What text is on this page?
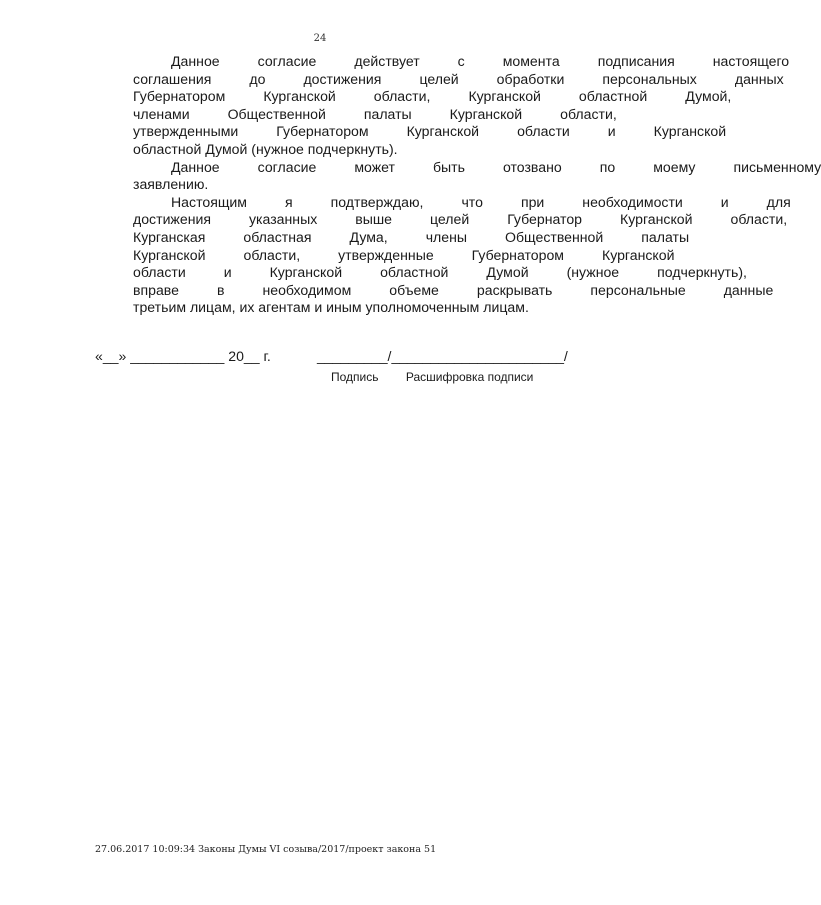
24
Данное	согласие	действует	с	момента	подписания	настоящего
соглашения	до	достижения	целей	обработки	персональных	данных
Губернатором	Курганской	области,	Курганской	областной	Думой,
членами	Общественной	палаты	Курганской	области,
утвержденными	Губернатором	Курганской	области	и	Курганской
областной Думой (нужное подчеркнуть).
Данное	согласие	может	быть	отозвано	по	моему	письменному
заявлению.
Настоящим	я	подтверждаю,	что	при	необходимости	и	для
достижения	указанных	выше	целей	Губернатор	Курганской	области,
Курганская	областная	Дума,	члены	Общественной	палаты
Курганской	области,	утвержденные	Губернатором	Курганской
области	и	Курганской	областной	Думой	(нужное	подчеркнуть),
вправе	в	необходимом	объеме	раскрывать	персональные	данные
третьим лицам, их агентам и иным уполномоченным лицам.
«__» ____________ 20__ г.	_________/______________________/
Подпись Расшифровка подписи
27.06.2017 10:09:34 Законы Думы VI созыва/2017/проект закона 51
